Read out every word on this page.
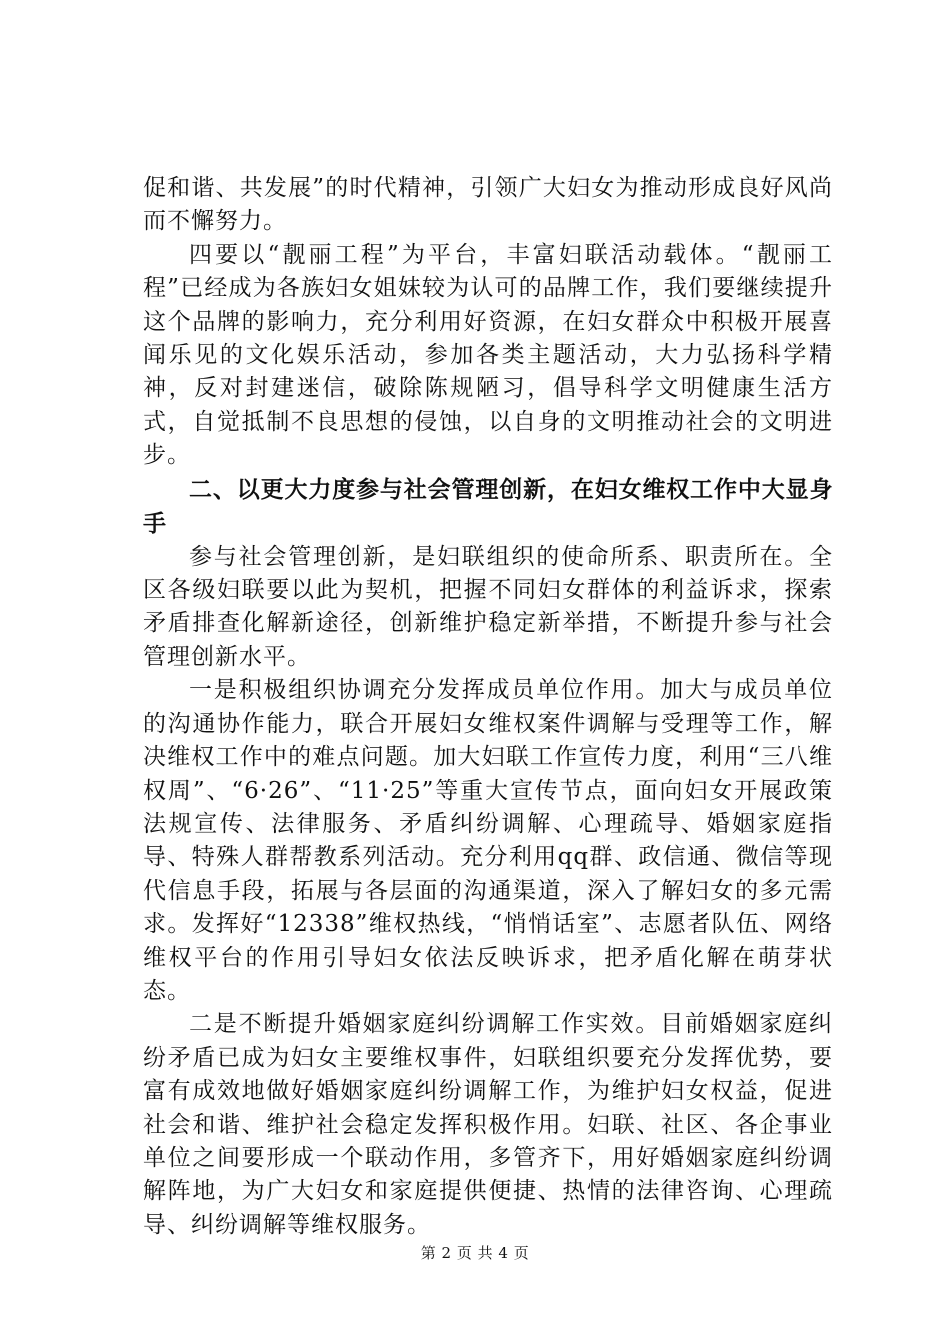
促和谐、共发展”的时代精神，引领广大妇女为推动形成良好风尚而不懈努力。

四要以“靓丽工程”为平台，丰富妇联活动载体。“靓丽工程”已经成为各族妇女姐妹较为认可的品牌工作，我们要继续提升这个品牌的影响力，充分利用好资源，在妇女群众中积极开展喜闻乐见的文化娱乐活动，参加各类主题活动，大力弘扬科学精神，反对封建迷信，破除陈规陋习，倡导科学文明健康生活方式，自觉抵制不良思想的侵蚀，以自身的文明推动社会的文明进步。

二、以更大力度参与社会管理创新，在妇女维权工作中大显身手

参与社会管理创新，是妇联组织的使命所系、职责所在。全区各级妇联要以此为契机，把握不同妇女群体的利益诉求，探索矛盾排查化解新途径，创新维护稳定新举措，不断提升参与社会管理创新水平。

一是积极组织协调充分发挥成员单位作用。加大与成员单位的沟通协作能力，联合开展妇女维权案件调解与受理等工作，解决维权工作中的难点问题。加大妇联工作宣传力度，利用“三八维权周”、“6·26”、“11·25”等重大宣传节点，面向妇女开展政策法规宣传、法律服务、矛盾纠纷调解、心理疏导、婚姻家庭指导、特殊人群帮教系列活动。充分利用qq群、政信通、微信等现代信息手段，拓展与各层面的沟通渠道，深入了解妇女的多元需求。发挥好“12338”维权热线，“悄悄话室”、志愿者队伍、网络维权平台的作用引导妇女依法反映诉求，把矛盾化解在萌芽状态。

二是不断提升婚姻家庭纠纷调解工作实效。目前婚姻家庭纠纷矛盾已成为妇女主要维权事件，妇联组织要充分发挥优势，要富有成效地做好婚姻家庭纠纷调解工作，为维护妇女权益，促进社会和谐、维护社会稳定发挥积极作用。妇联、社区、各企事业单位之间要形成一个联动作用，多管齐下，用好婚姻家庭纠纷调解阵地，为广大妇女和家庭提供便捷、热情的法律咨询、心理疏导、纠纷调解等维权服务。

第 2 页 共 4 页
